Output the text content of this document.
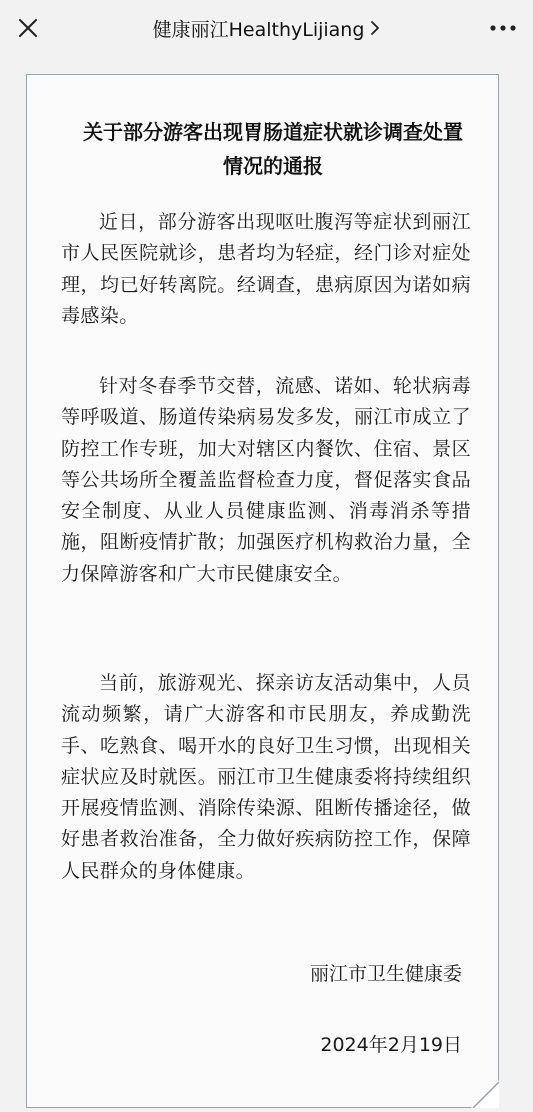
健康丽江HealthyLijiang
关于部分游客出现胃肠道症状就诊调查处置情况的通报

近日，部分游客出现呕吐腹泻等症状到丽江市人民医院就诊，患者均为轻症，经门诊对症处理，均已好转离院。经调查，患病原因为诺如病毒感染。

针对冬春季节交替，流感、诺如、轮状病毒等呼吸道、肠道传染病易发多发，丽江市成立了防控工作专班，加大对辖区内餐饮、住宿、景区等公共场所全覆盖监督检查力度，督促落实食品安全制度、从业人员健康监测、消毒消杀等措施，阻断疫情扩散；加强医疗机构救治力量，全力保障游客和广大市民健康安全。

当前，旅游观光、探亲访友活动集中，人员流动频繁，请广大游客和市民朋友，养成勤洗手、吃熟食、喝开水的良好卫生习惯，出现相关症状应及时就医。丽江市卫生健康委将持续组织开展疫情监测、消除传染源、阻断传播途径，做好患者救治准备，全力做好疾病防控工作，保障人民群众的身体健康。

丽江市卫生健康委
2024年2月19日
